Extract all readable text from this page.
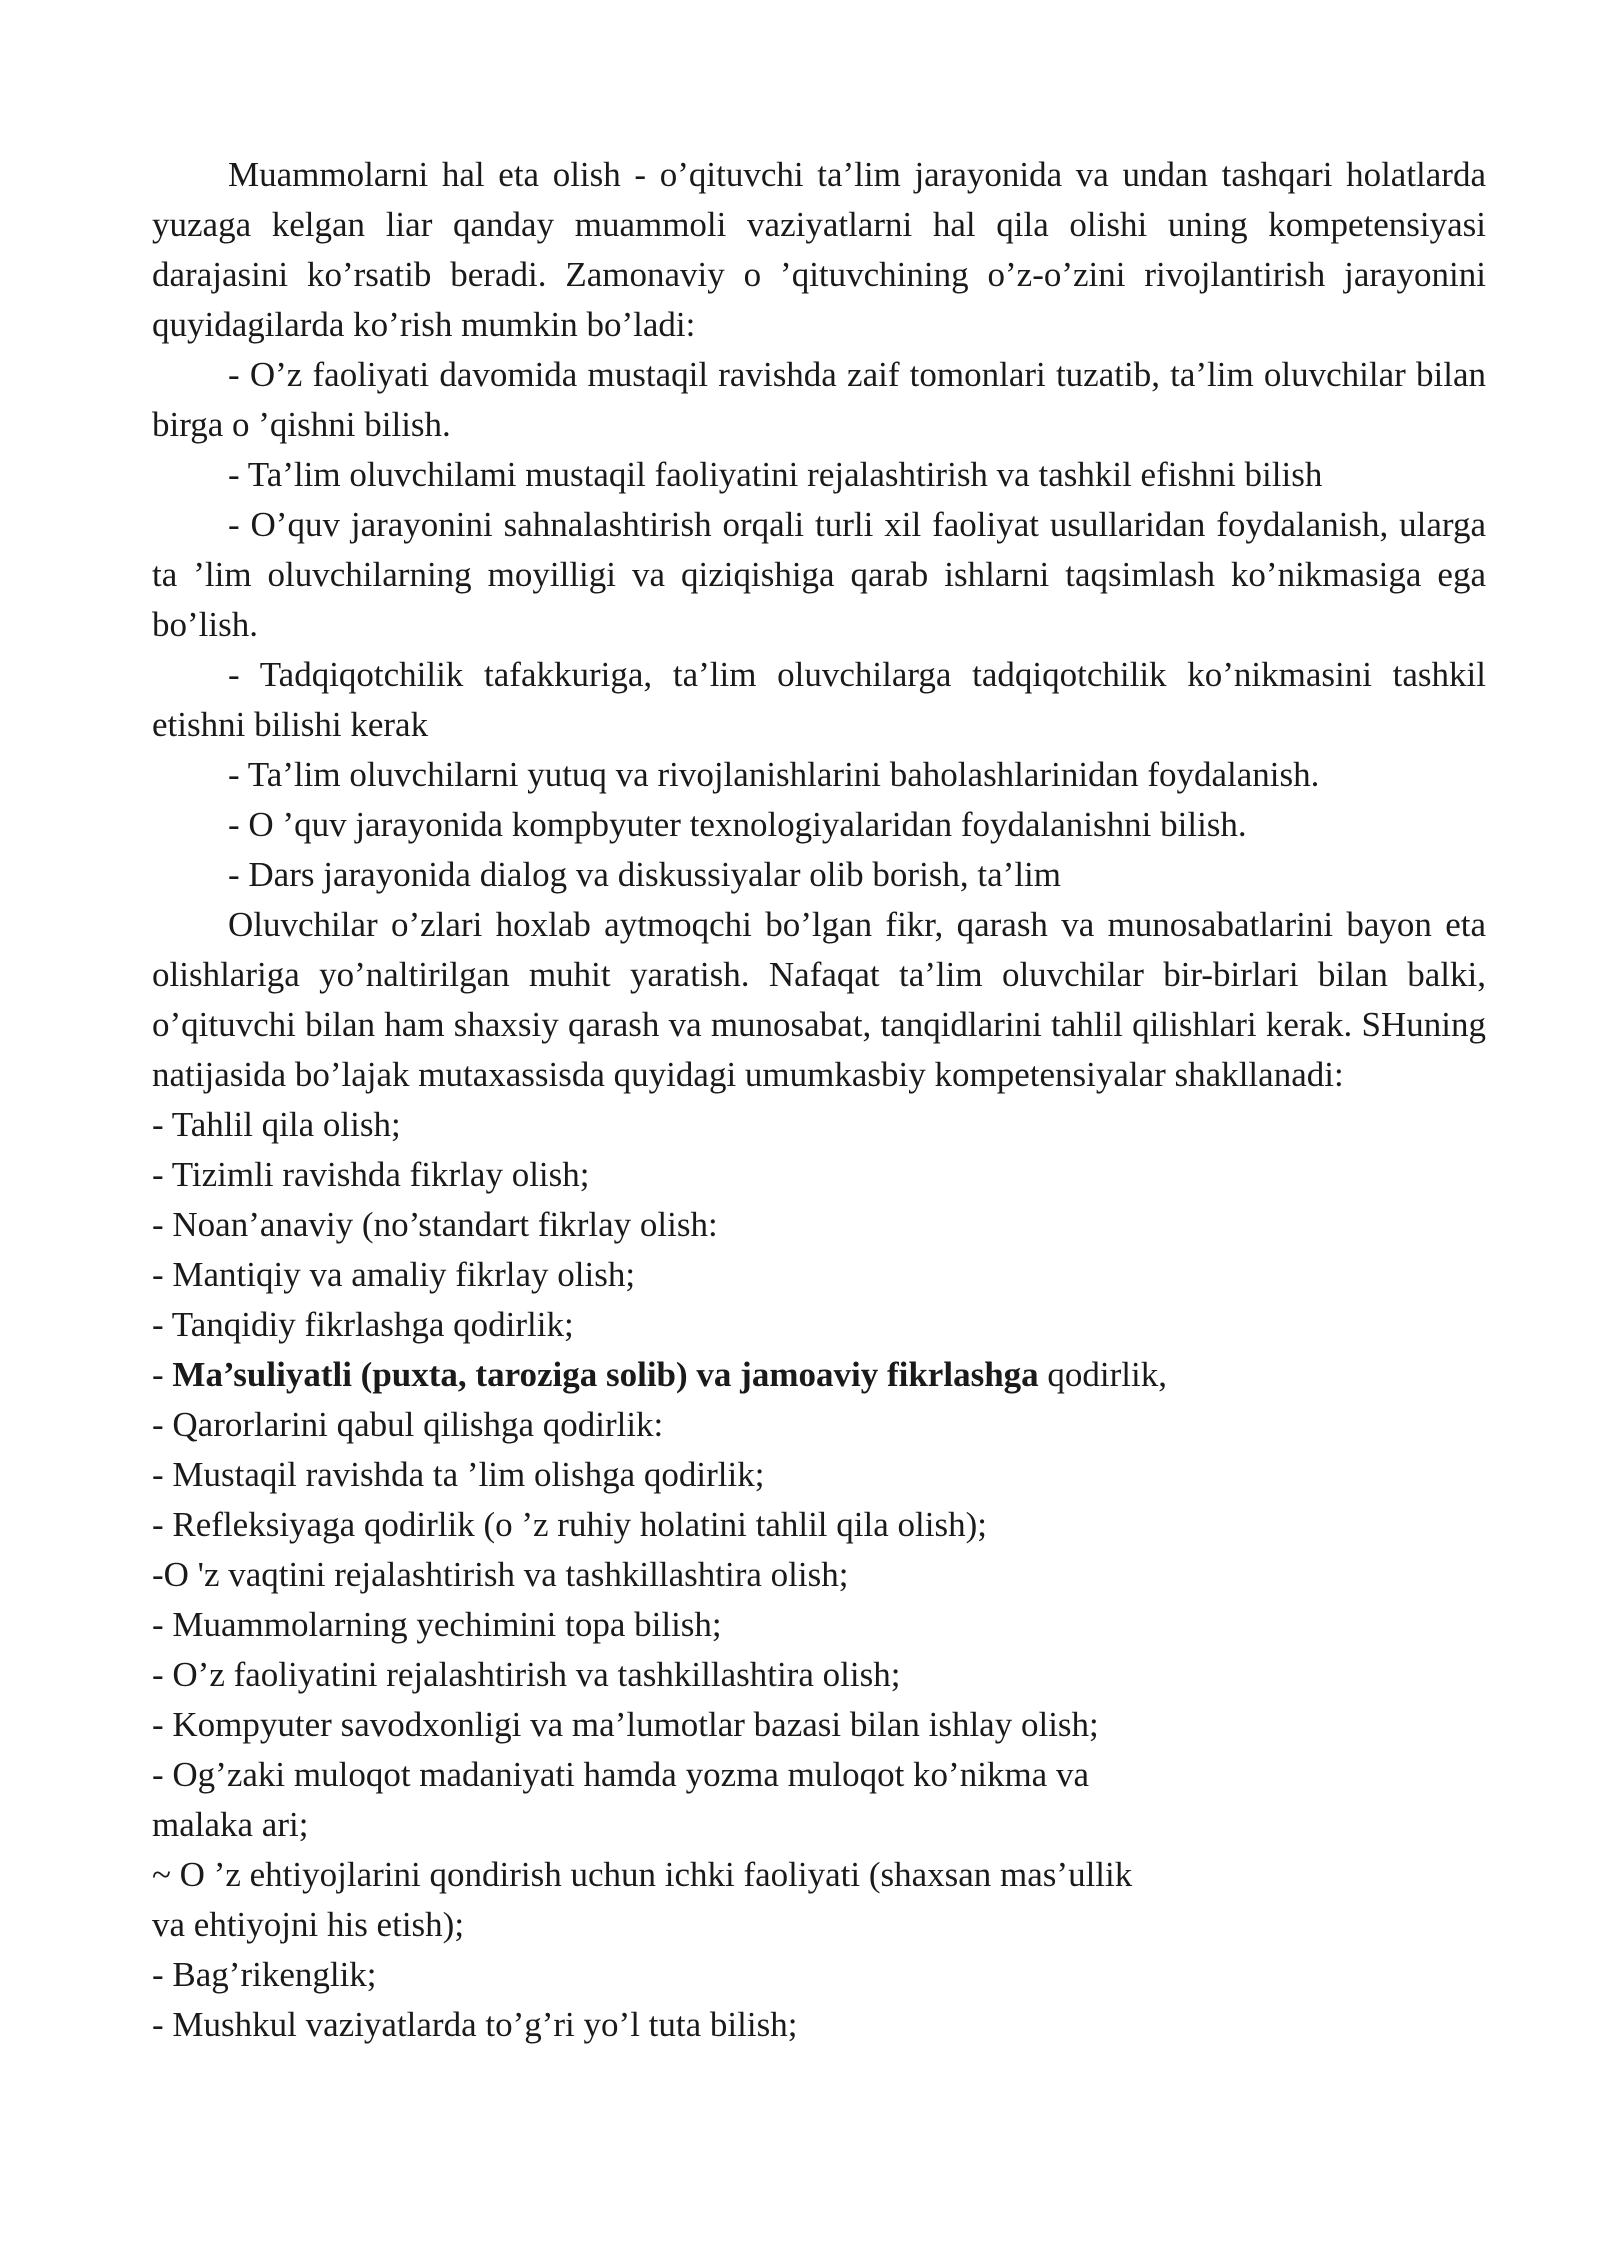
Muammolarni hal eta olish - o’qituvchi ta’lim jarayonida va undan tashqari holatlarda yuzaga kelgan liar qanday muammoli vaziyatlarni hal qila olishi uning kompetensiyasi darajasini ko’rsatib beradi. Zamonaviy o ’qituvchining o’z-o’zini rivojlantirish jarayonini quyidagilarda ko’rish mumkin bo’ladi:

- O’z faoliyati davomida mustaqil ravishda zaif tomonlari tuzatib, ta’lim oluvchilar bilan birga o ’qishni bilish.

- Ta’lim oluvchilami mustaqil faoliyatini rejalashtirish va tashkil efishni bilish

- O’quv jarayonini sahnalashtirish orqali turli xil faoliyat usullaridan foydalanish, ularga ta ’lim oluvchilarning moyilligi va qiziqishiga qarab ishlarni taqsimlash ko’nikmasiga ega bo’lish.

- Tadqiqotchilik tafakkuriga, ta’lim oluvchilarga tadqiqotchilik ko’nikmasini tashkil etishni bilishi kerak

- Ta’lim oluvchilarni yutuq va rivojlanishlarini baholashlarinidan foydalanish.

- O ’quv jarayonida kompbyuter texnologiyalaridan foydalanishni bilish.

- Dars jarayonida dialog va diskussiyalar olib borish, ta’lim

Oluvchilar o’zlari hoxlab aytmoqchi bo’lgan fikr, qarash va munosabatlarini bayon eta olishlariga yo’naltirilgan muhit yaratish. Nafaqat ta’lim oluvchilar bir-birlari bilan balki, o’qituvchi bilan ham shaxsiy qarash va munosabat, tanqidlarini tahlil qilishlari kerak. SHuning natijasida bo’lajak mutaxassisda quyidagi umumkasbiy kompetensiyalar shakllanadi:

- Tahlil qila olish;

- Tizimli ravishda fikrlay olish;

- Noan’anaviy (no’standart fikrlay olish:

- Mantiqiy va amaliy fikrlay olish;

- Tanqidiy fikrlashga qodirlik;

- Ma’suliyatli (puxta, taroziga solib) va jamoaviy fikrlashga qodirlik,

- Qarorlarini qabul qilishga qodirlik:

- Mustaqil ravishda ta ’lim olishga qodirlik;

- Refleksiyaga qodirlik (o ’z ruhiy holatini tahlil qila olish);

-O 'z vaqtini rejalashtirish va tashkillashtira olish;

- Muammolarning yechimini topa bilish;

- O’z faoliyatini rejalashtirish va tashkillashtira olish;

- Kompyuter savodxonligi va ma’lumotlar bazasi bilan ishlay olish;

- Og’zaki muloqot madaniyati hamda yozma muloqot ko’nikma va

malaka ari;

~ O ’z ehtiyojlarini qondirish uchun ichki faoliyati (shaxsan mas’ullik

va ehtiyojni his etish);

- Bag’rikenglik;

- Mushkul vaziyatlarda to’g’ri yo’l tuta bilish;
